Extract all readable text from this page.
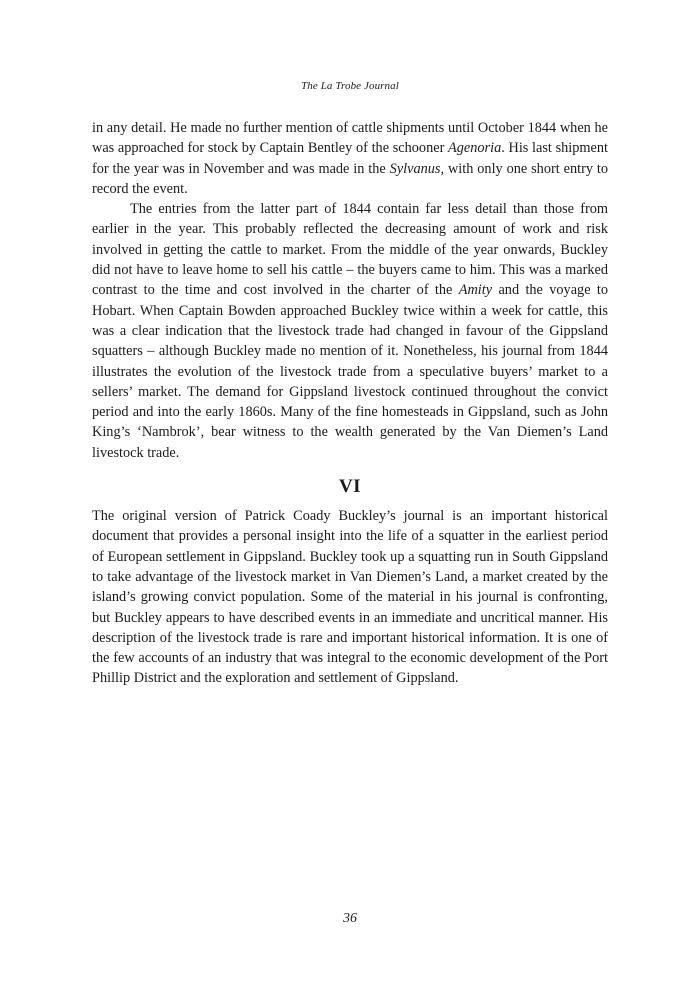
The La Trobe Journal

in any detail. He made no further mention of cattle shipments until October 1844 when he was approached for stock by Captain Bentley of the schooner Agenoria. His last shipment for the year was in November and was made in the Sylvanus, with only one short entry to record the event.

The entries from the latter part of 1844 contain far less detail than those from earlier in the year. This probably reflected the decreasing amount of work and risk involved in getting the cattle to market. From the middle of the year onwards, Buckley did not have to leave home to sell his cattle – the buyers came to him. This was a marked contrast to the time and cost involved in the charter of the Amity and the voyage to Hobart. When Captain Bowden approached Buckley twice within a week for cattle, this was a clear indication that the livestock trade had changed in favour of the Gippsland squatters – although Buckley made no mention of it. Nonetheless, his journal from 1844 illustrates the evolution of the livestock trade from a speculative buyers’ market to a sellers’ market. The demand for Gippsland livestock continued throughout the convict period and into the early 1860s. Many of the fine homesteads in Gippsland, such as John King’s ‘Nambrok’, bear witness to the wealth generated by the Van Diemen’s Land livestock trade.

VI

The original version of Patrick Coady Buckley’s journal is an important historical document that provides a personal insight into the life of a squatter in the earliest period of European settlement in Gippsland. Buckley took up a squatting run in South Gippsland to take advantage of the livestock market in Van Diemen’s Land, a market created by the island’s growing convict population. Some of the material in his journal is confronting, but Buckley appears to have described events in an immediate and uncritical manner. His description of the livestock trade is rare and important historical information. It is one of the few accounts of an industry that was integral to the economic development of the Port Phillip District and the exploration and settlement of Gippsland.

36
